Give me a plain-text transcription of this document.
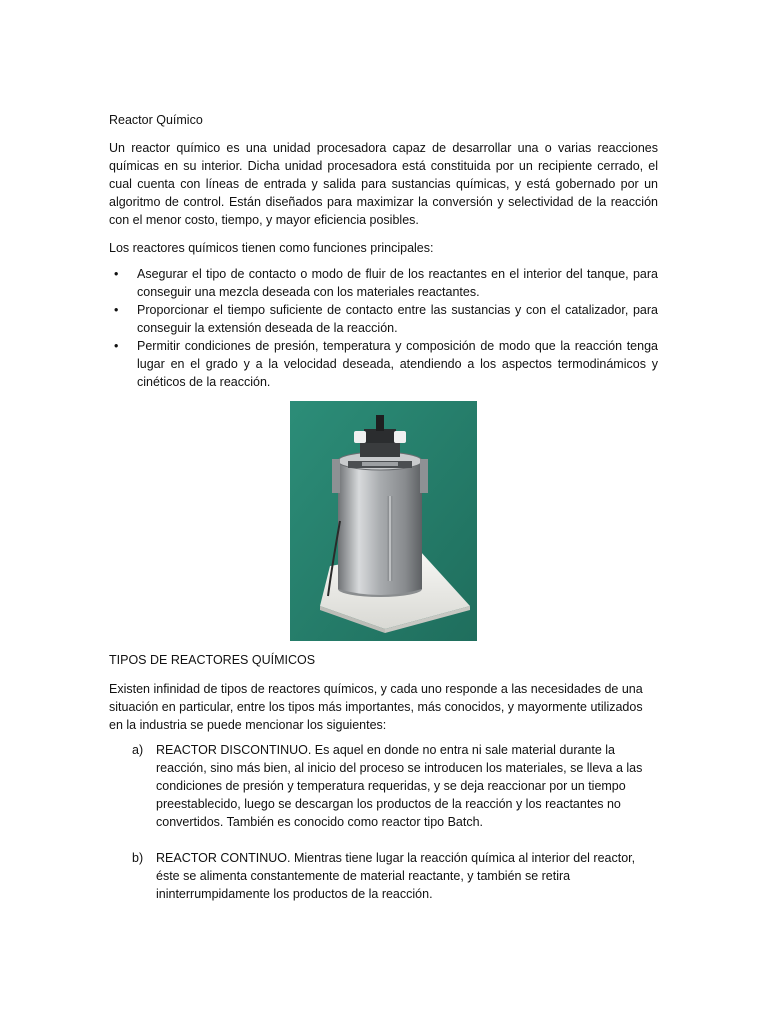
Reactor Químico

Un reactor químico es una unidad procesadora capaz de desarrollar una o varias reacciones químicas en su interior. Dicha unidad procesadora está constituida por un recipiente cerrado, el cual cuenta con líneas de entrada y salida para sustancias químicas, y está gobernado por un algoritmo de control. Están diseñados para maximizar la conversión y selectividad de la reacción con el menor costo, tiempo, y mayor eficiencia posibles.

Los reactores químicos tienen como funciones principales:

• Asegurar el tipo de contacto o modo de fluir de los reactantes en el interior del tanque, para conseguir una mezcla deseada con los materiales reactantes.
• Proporcionar el tiempo suficiente de contacto entre las sustancias y con el catalizador, para conseguir la extensión deseada de la reacción.
• Permitir condiciones de presión, temperatura y composición de modo que la reacción tenga lugar en el grado y a la velocidad deseada, atendiendo a los aspectos termodinámicos y cinéticos de la reacción.
TIPOS DE REACTORES QUÍMICOS

Existen infinidad de tipos de reactores químicos, y cada uno responde a las necesidades de una situación en particular, entre los tipos más importantes, más conocidos, y mayormente utilizados en la industria se puede mencionar los siguientes:

a) REACTOR DISCONTINUO. Es aquel en donde no entra ni sale material durante la reacción, sino más bien, al inicio del proceso se introducen los materiales, se lleva a las condiciones de presión y temperatura requeridas, y se deja reaccionar por un tiempo preestablecido, luego se descargan los productos de la reacción y los reactantes no convertidos. También es conocido como reactor tipo Batch.
b) REACTOR CONTINUO. Mientras tiene lugar la reacción química al interior del reactor, éste se alimenta constantemente de material reactante, y también se retira ininterrumpidamente los productos de la reacción.
